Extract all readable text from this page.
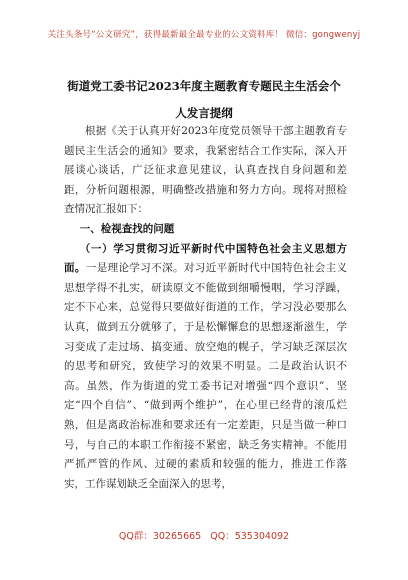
关注头条号“公文研究”，获得最新最全最专业的公文资料库！ 微信：gongwenyj
街道党工委书记2023年度主题教育专题民主生活会个
人发言提纲

根据《关于认真开好2023年度党员领导干部主题教育专题民主生活会的通知》要求，我紧密结合工作实际，深入开展谈心谈话，广泛征求意见建议，认真查找自身问题和差距，分析问题根源，明确整改措施和努力方向。现将对照检查情况汇报如下：

一、检视查找的问题
（一）学习贯彻习近平新时代中国特色社会主义思想方面。一是理论学习不深。对习近平新时代中国特色社会主义思想学得不扎实，研读原文不能做到细嚼慢咽，学习浮躁，定不下心来，总觉得只要做好街道的工作，学习没必要那么认真，做到五分就够了，于是松懈懈怠的思想逐渐滋生，学习变成了走过场、搞变通、放空炮的幌子，学习缺乏深层次的思考和研究，致使学习的效果不明显。二是政治认识不高。虽然，作为街道的党工委书记对增强“四个意识”、坚定“四个自信”、“做到两个维护”，在心里已经背的滚瓜烂熟，但是离政治标准和要求还有一定差距，只是当做一种口号，与自己的本职工作衔接不紧密，缺乏务实精神。不能用严抓严管的作风、过硬的素质和较强的能力，推进工作落实，工作谋划缺乏全面深入的思考，
QQ群：30265665 QQ：535304092
